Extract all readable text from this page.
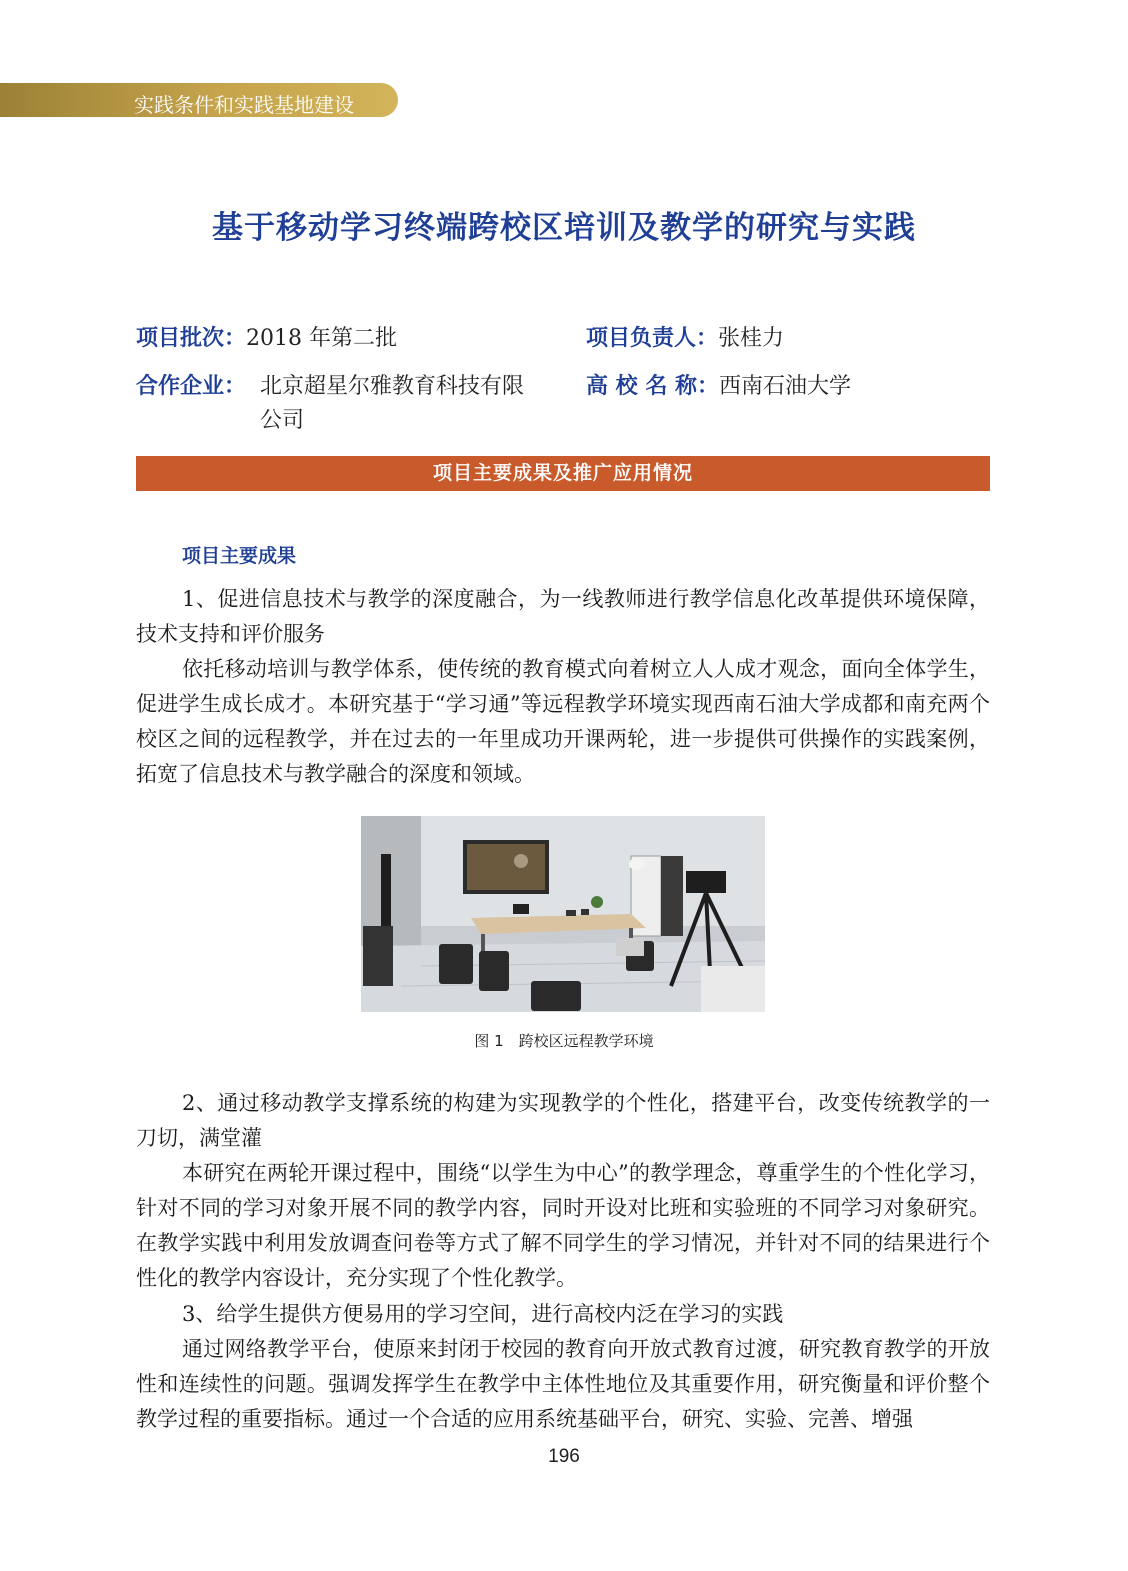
实践条件和实践基地建设
基于移动学习终端跨校区培训及教学的研究与实践
项目批次：2018 年第二批	项目负责人：张桂力
合作企业： 北京超星尔雅教育科技有限
公司
高 校 名 称：西南石油大学
项目主要成果及推广应用情况
项目主要成果

1、促进信息技术与教学的深度融合，为一线教师进行教学信息化改革提供环境保障，技术支持和评价服务

依托移动培训与教学体系，使传统的教育模式向着树立人人成才观念，面向全体学生，促进学生成长成才。本研究基于“学习通”等远程教学环境实现西南石油大学成都和南充两个校区之间的远程教学，并在过去的一年里成功开课两轮，进一步提供可供操作的实践案例，拓宽了信息技术与教学融合的深度和领域。

图 1　跨校区远程教学环境

2、通过移动教学支撑系统的构建为实现教学的个性化，搭建平台，改变传统教学的一刀切，满堂灌

本研究在两轮开课过程中，围绕“以学生为中心”的教学理念，尊重学生的个性化学习，针对不同的学习对象开展不同的教学内容，同时开设对比班和实验班的不同学习对象研究。在教学实践中利用发放调查问卷等方式了解不同学生的学习情况，并针对不同的结果进行个性化的教学内容设计，充分实现了个性化教学。

3、给学生提供方便易用的学习空间，进行高校内泛在学习的实践

通过网络教学平台，使原来封闭于校园的教育向开放式教育过渡，研究教育教学的开放性和连续性的问题。强调发挥学生在教学中主体性地位及其重要作用，研究衡量和评价整个教学过程的重要指标。通过一个合适的应用系统基础平台，研究、实验、完善、增强

196
